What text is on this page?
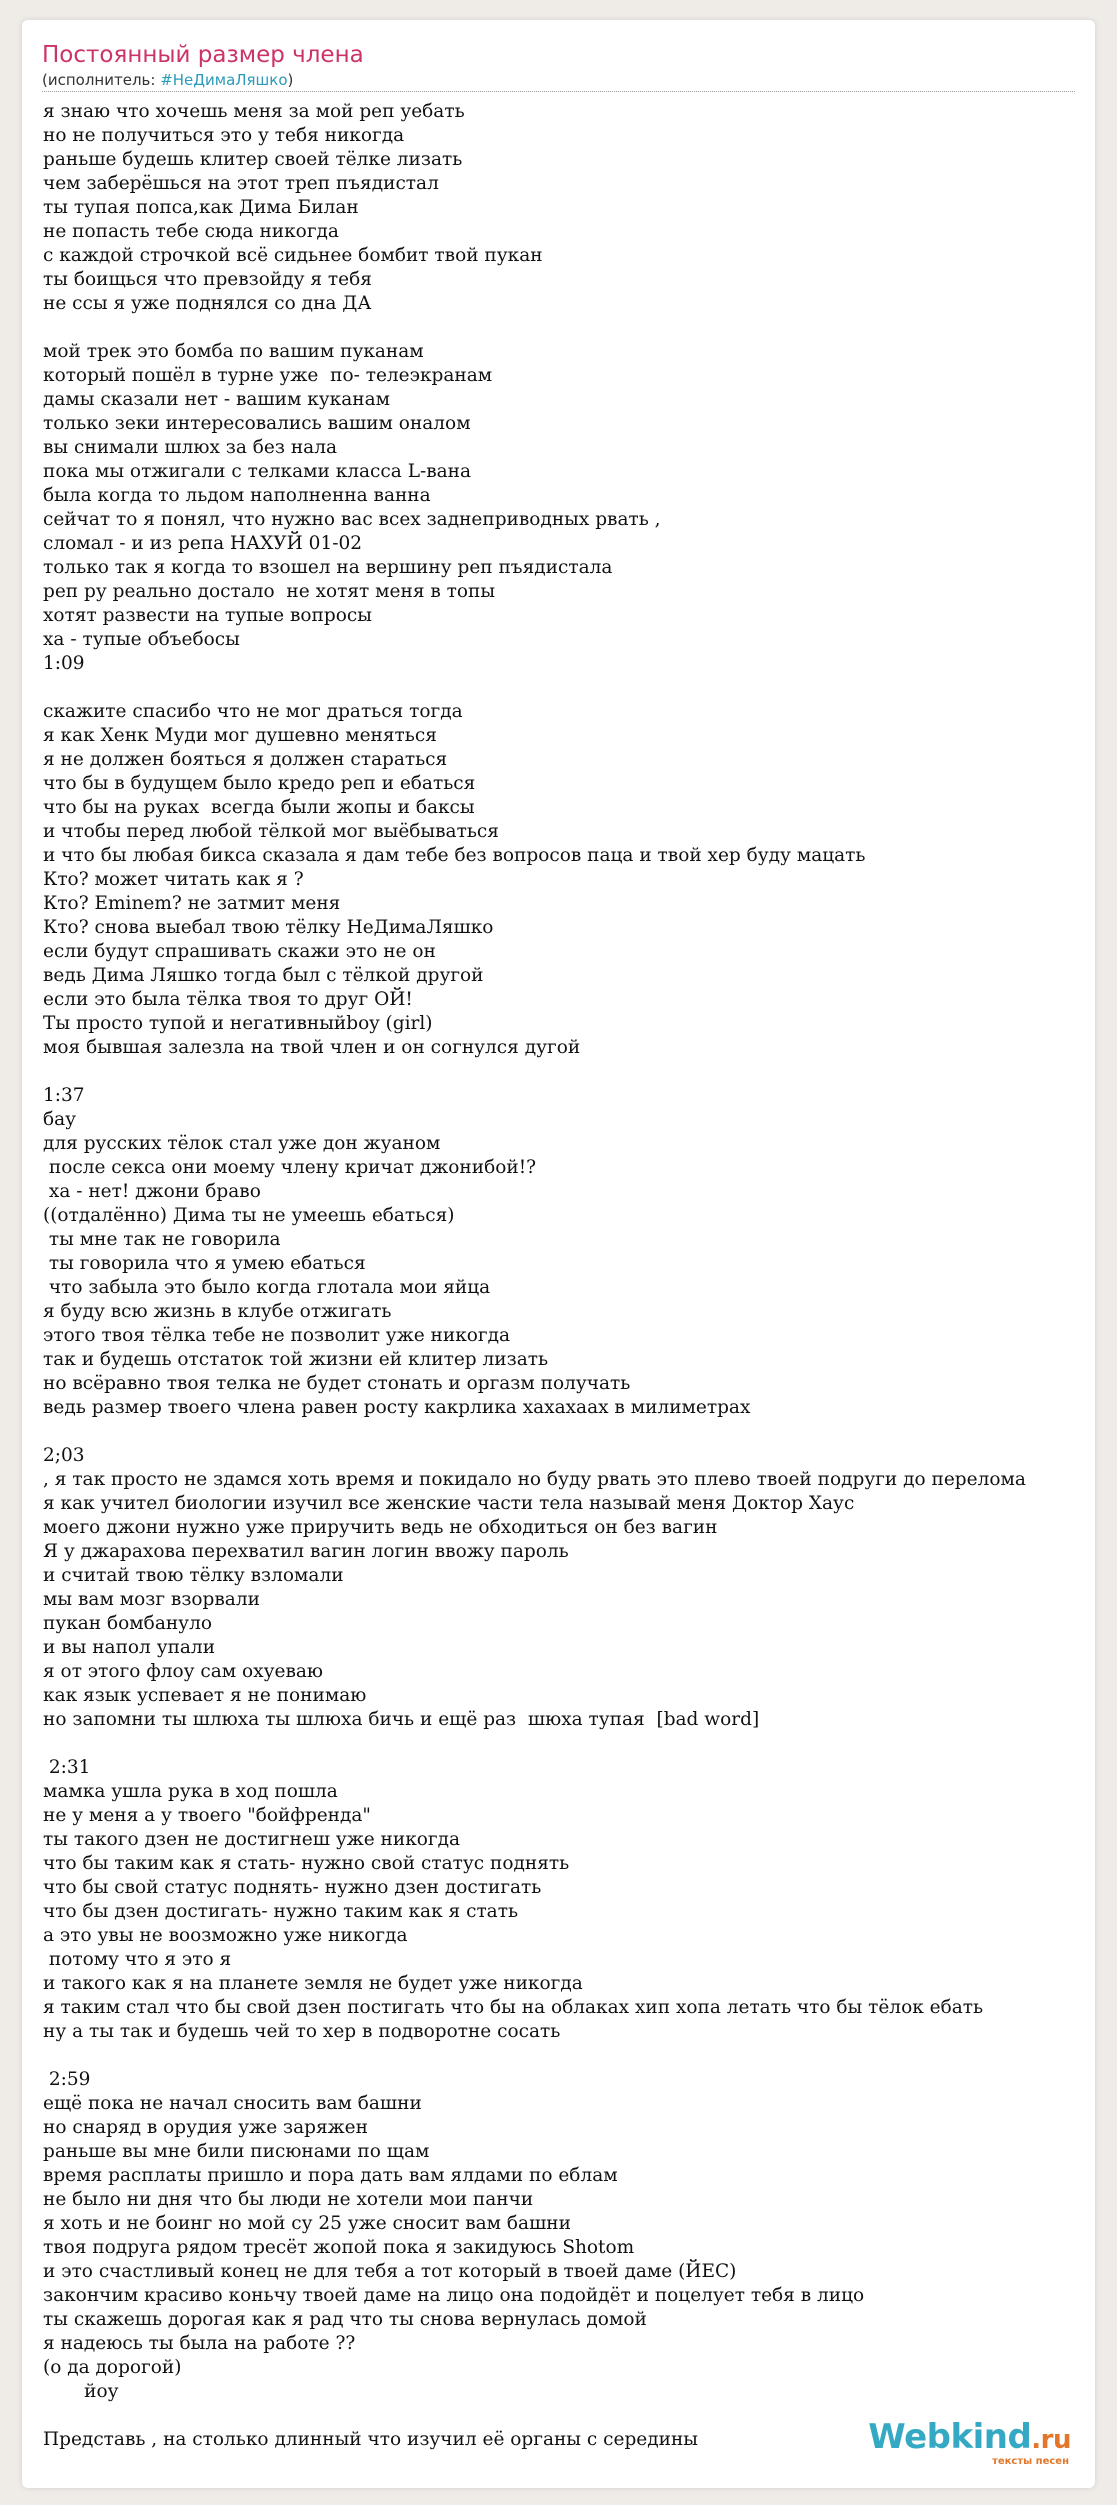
Постоянный размер члена
(исполнитель: #НеДимаЛяшко)
я знаю что хочешь меня за мой реп уебать
но не получиться это у тебя никогда
раньше будешь клитер своей тёлке лизать
чем заберёшься на этот треп пъядистал
ты тупая попса,как Дима Билан
не попасть тебе сюда никогда
с каждой строчкой всё сидьнее бомбит твой пукан
ты боищься что превзойду я тебя
не ссы я уже поднялся со дна ДА

мой трек это бомба по вашим пуканам
который пошёл в турне уже  по- телеэкранам
дамы сказали нет - вашим куканам
только зеки интересовались вашим оналом
вы снимали шлюх за без нала
пока мы отжигали с телками класса L-вана
была когда то льдом наполненна ванна
сейчат то я понял, что нужно вас всех заднеприводных рвать ,
сломал - и из репа НАХУЙ 01-02
только так я когда то взошел на вершину реп пъядистала
реп ру реально достало  не хотят меня в топы
хотят развести на тупые вопросы
ха - тупые объебосы
1:09

скажите спасибо что не мог драться тогда
я как Хенк Муди мог душевно меняться
я не должен бояться я должен стараться
что бы в будущем было кредо реп и ебаться
что бы на руках  всегда были жопы и баксы
и чтобы перед любой тёлкой мог выёбываться
и что бы любая бикса сказала я дам тебе без вопросов паца и твой хер буду мацать
Кто? может читать как я ?
Кто? Eminem? не затмит меня
Кто? снова выебал твою тёлку НеДимаЛяшко
если будут спрашивать скажи это не он
ведь Дима Ляшко тогда был с тёлкой другой
если это была тёлка твоя то друг ОЙ!
Ты просто тупой и негативныйboy (girl)
моя бывшая залезла на твой член и он согнулся дугой

1:37
бау
для русских тёлок стал уже дон жуаном
после секса они моему члену кричат джонибой!?
ха - нет! джони браво
((отдалённо) Дима ты не умеешь ебаться)
ты мне так не говорила
ты говорила что я умею ебаться
что забыла это было когда глотала мои яйца
я буду всю жизнь в клубе отжигать
этого твоя тёлка тебе не позволит уже никогда
так и будешь отстаток той жизни ей клитер лизать
но всёравно твоя телка не будет стонать и оргазм получать
ведь размер твоего члена равен росту какрлика хахахаах в милиметрах

2;03
, я так просто не здамся хоть время и покидало но буду рвать это плево твоей подруги до перелома
я как учител биологии изучил все женские части тела называй меня Доктор Хаус
моего джони нужно уже приручить ведь не обходиться он без вагин
Я у джарахова перехватил вагин логин ввожу пароль
и считай твою тёлку взломали
мы вам мозг взорвали
пукан бомбануло
и вы напол упали
я от этого флоу сам охуеваю
как язык успевает я не понимаю
но запомни ты шлюха ты шлюха бичь и ещё раз  шюха тупая  [bad word]

2:31
мамка ушла рука в ход пошла
не у меня а у твоего "бойфренда"
ты такого дзен не достигнеш уже никогда
что бы таким как я стать- нужно свой статус поднять
что бы свой статус поднять- нужно дзен достигать
что бы дзен достигать- нужно таким как я стать
а это увы не воозможно уже никогда
потому что я это я
и такого как я на планете земля не будет уже никогда
я таким стал что бы свой дзен постигать что бы на облаках хип хопа летать что бы тёлок ебать
ну а ты так и будешь чей то хер в подворотне сосать

2:59
ещё пока не начал сносить вам башни
но снаряд в орудия уже заряжен
раньше вы мне били писюнами по щам
время расплаты пришло и пора дать вам ялдами по еблам
не было ни дня что бы люди не хотели мои панчи
я хоть и не боинг но мой су 25 уже сносит вам башни
твоя подруга рядом тресёт жопой пока я закидуюсь Shotom
и это счастливый конец не для тебя а тот который в твоей даме (ЙЕС)
закончим красиво коньчу твоей даме на лицо она подойдёт и поцелует тебя в лицо
ты скажешь дорогая как я рад что ты снова вернулась домой
я надеюсь ты была на работе ??
(о да дорогой)
йоу

Представь , на столько длинный что изучил её органы с середины	Webkind.ru
тексты песен
